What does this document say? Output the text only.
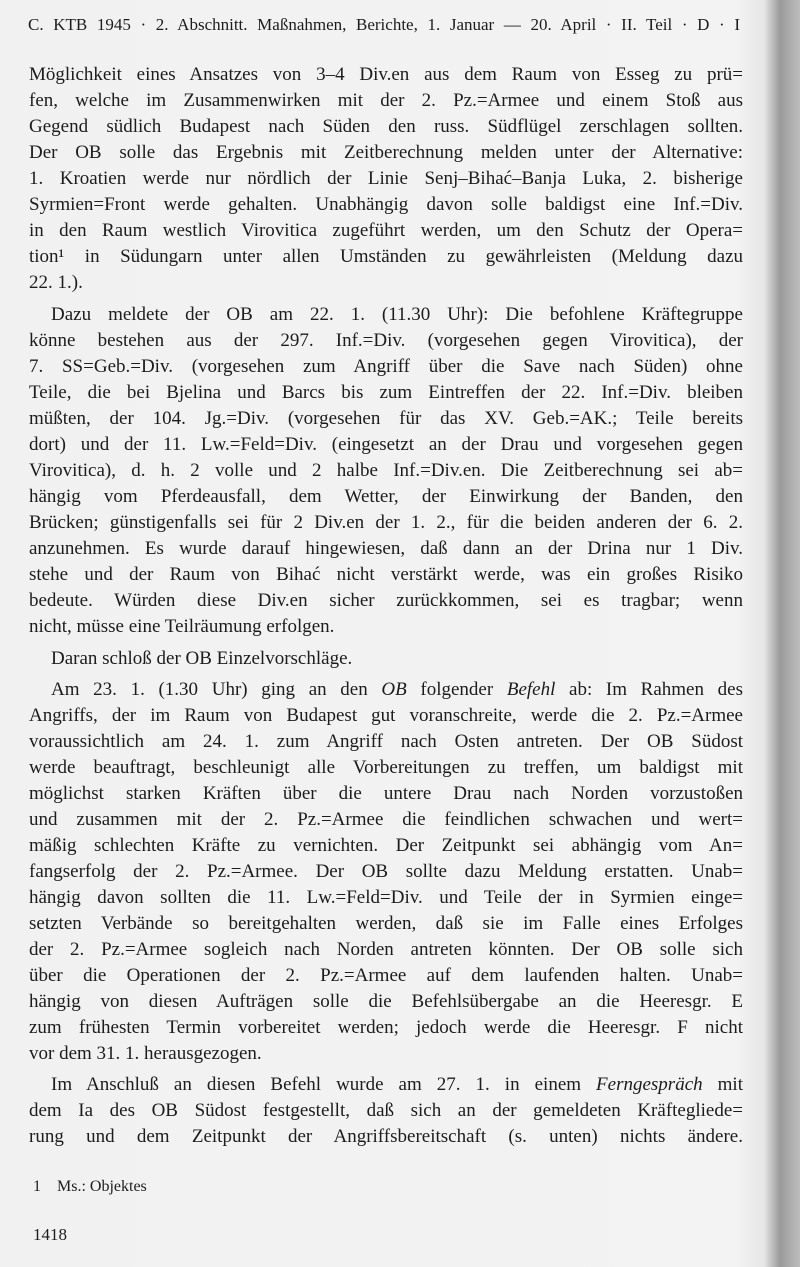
C. KTB 1945 · 2. Abschnitt. Maßnahmen, Berichte, 1. Januar — 20. April · II. Teil · D · I
Möglichkeit eines Ansatzes von 3–4 Div.en aus dem Raum von Esseg zu prü=
fen, welche im Zusammenwirken mit der 2. Pz.=Armee und einem Stoß aus
Gegend südlich Budapest nach Süden den russ. Südflügel zerschlagen sollten.
Der OB solle das Ergebnis mit Zeitberechnung melden unter der Alternative:
1. Kroatien werde nur nördlich der Linie Senj–Bihać–Banja Luka, 2. bisherige
Syrmien=Front werde gehalten. Unabhängig davon solle baldigst eine Inf.=Div.
in den Raum westlich Virovitica zugeführt werden, um den Schutz der Opera=
tion¹ in Südungarn unter allen Umständen zu gewährleisten (Meldung dazu
22. 1.).
Dazu meldete der OB am 22. 1. (11.30 Uhr): Die befohlene Kräftegruppe
könne bestehen aus der 297. Inf.=Div. (vorgesehen gegen Virovitica), der
7. SS=Geb.=Div. (vorgesehen zum Angriff über die Save nach Süden) ohne
Teile, die bei Bjelina und Barcs bis zum Eintreffen der 22. Inf.=Div. bleiben
müßten, der 104. Jg.=Div. (vorgesehen für das XV. Geb.=AK.; Teile bereits
dort) und der 11. Lw.=Feld=Div. (eingesetzt an der Drau und vorgesehen gegen
Virovitica), d. h. 2 volle und 2 halbe Inf.=Div.en. Die Zeitberechnung sei ab=
hängig vom Pferdeausfall, dem Wetter, der Einwirkung der Banden, den
Brücken; günstigenfalls sei für 2 Div.en der 1. 2., für die beiden anderen der 6. 2.
anzunehmen. Es wurde darauf hingewiesen, daß dann an der Drina nur 1 Div.
stehe und der Raum von Bihać nicht verstärkt werde, was ein großes Risiko
bedeute. Würden diese Div.en sicher zurückkommen, sei es tragbar; wenn
nicht, müsse eine Teilräumung erfolgen.
Daran schloß der OB Einzelvorschläge.
Am 23. 1. (1.30 Uhr) ging an den OB folgender Befehl ab: Im Rahmen des
Angriffs, der im Raum von Budapest gut voranschreite, werde die 2. Pz.=Armee
voraussichtlich am 24. 1. zum Angriff nach Osten antreten. Der OB Südost
werde beauftragt, beschleunigt alle Vorbereitungen zu treffen, um baldigst mit
möglichst starken Kräften über die untere Drau nach Norden vorzustoßen
und zusammen mit der 2. Pz.=Armee die feindlichen schwachen und wert=
mäßig schlechten Kräfte zu vernichten. Der Zeitpunkt sei abhängig vom An=
fangserfolg der 2. Pz.=Armee. Der OB sollte dazu Meldung erstatten. Unab=
hängig davon sollten die 11. Lw.=Feld=Div. und Teile der in Syrmien einge=
setzten Verbände so bereitgehalten werden, daß sie im Falle eines Erfolges
der 2. Pz.=Armee sogleich nach Norden antreten könnten. Der OB solle sich
über die Operationen der 2. Pz.=Armee auf dem laufenden halten. Unab=
hängig von diesen Aufträgen solle die Befehlsübergabe an die Heeresgr. E
zum frühesten Termin vorbereitet werden; jedoch werde die Heeresgr. F nicht
vor dem 31. 1. herausgezogen.
Im Anschluß an diesen Befehl wurde am 27. 1. in einem Ferngespräch mit
dem Ia des OB Südost festgestellt, daß sich an der gemeldeten Kräftegliede=
rung und dem Zeitpunkt der Angriffsbereitschaft (s. unten) nichts ändere.
1 Ms.: Objektes
1418
